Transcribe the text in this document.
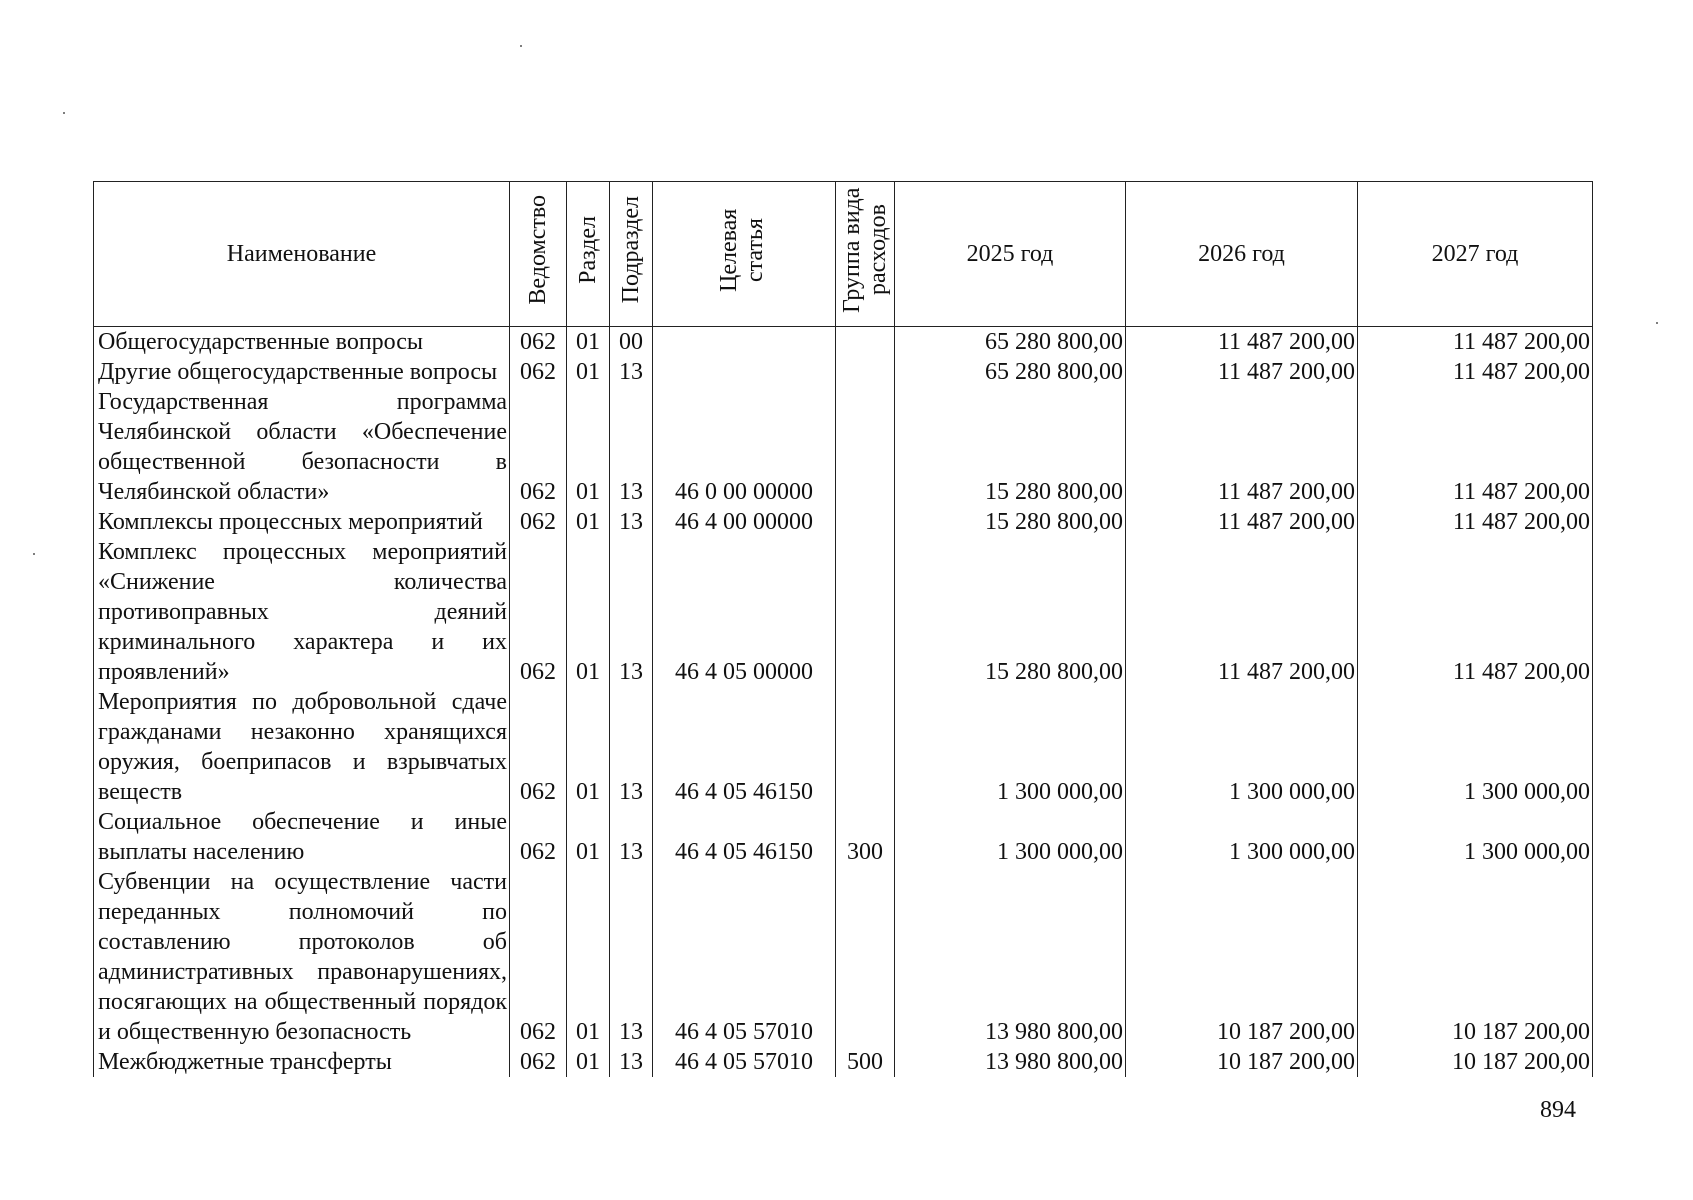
Наименование	Ведомство	Раздел	Подраздел	Целевая статья	Группа вида расходов	2025 год	2026 год	2027 год
Общегосударственные вопросы	062	01	00			65 280 800,00	11 487 200,00	11 487 200,00
Другие общегосударственные вопросы	062	01	13			65 280 800,00	11 487 200,00	11 487 200,00
Государственная программа Челябинской области «Обеспечение общественной безопасности в Челябинской области»	062	01	13	46 0 00 00000		15 280 800,00	11 487 200,00	11 487 200,00
Комплексы процессных мероприятий	062	01	13	46 4 00 00000		15 280 800,00	11 487 200,00	11 487 200,00
Комплекс процессных мероприятий «Снижение количества противоправных деяний криминального характера и их проявлений»	062	01	13	46 4 05 00000		15 280 800,00	11 487 200,00	11 487 200,00
Мероприятия по добровольной сдаче гражданами незаконно хранящихся оружия, боеприпасов и взрывчатых веществ	062	01	13	46 4 05 46150		1 300 000,00	1 300 000,00	1 300 000,00
Социальное обеспечение и иные выплаты населению	062	01	13	46 4 05 46150	300	1 300 000,00	1 300 000,00	1 300 000,00
Субвенции на осуществление части переданных полномочий по составлению протоколов об административных правонарушениях, посягающих на общественный порядок и общественную безопасность	062	01	13	46 4 05 57010		13 980 800,00	10 187 200,00	10 187 200,00
Межбюджетные трансферты	062	01	13	46 4 05 57010	500	13 980 800,00	10 187 200,00	10 187 200,00
894
